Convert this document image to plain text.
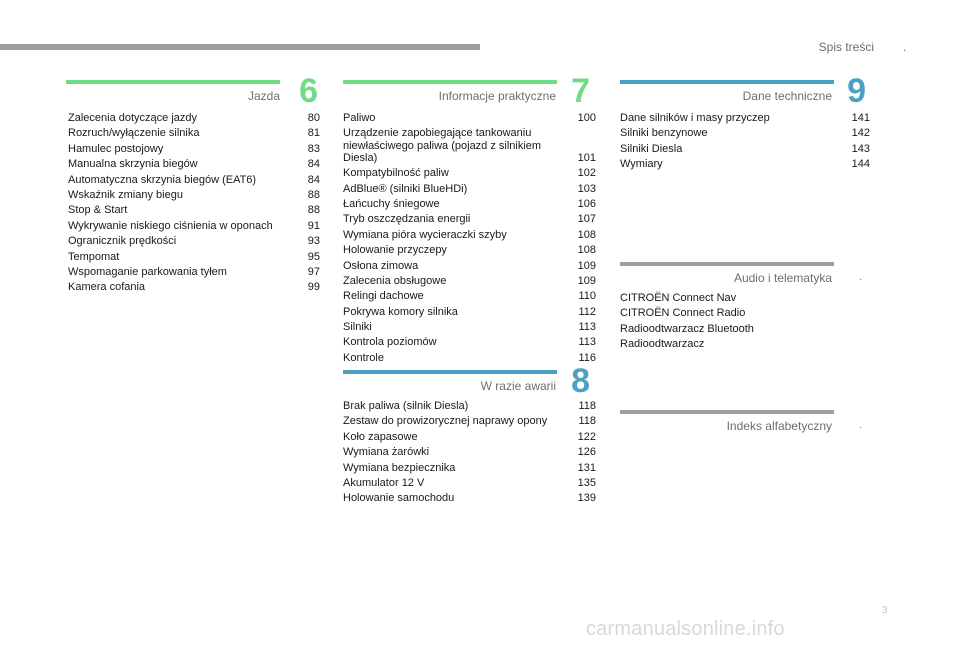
Spis treści .
Jazda 6
Zalecenia dotyczące jazdy	80
Rozruch/wyłączenie silnika	81
Hamulec postojowy	83
Manualna skrzynia biegów	84
Automatyczna skrzynia biegów (EAT6)	84
Wskaźnik zmiany biegu	88
Stop & Start	88
Wykrywanie niskiego ciśnienia w oponach	91
Ogranicznik prędkości	93
Tempomat	95
Wspomaganie parkowania tyłem	97
Kamera cofania	99
Informacje praktyczne 7
Paliwo	100
Urządzenie zapobiegające tankowaniu niewłaściwego paliwa (pojazd z silnikiem Diesla)	101
Kompatybilność paliw	102
AdBlue® (silniki BlueHDi)	103
Łańcuchy śniegowe	106
Tryb oszczędzania energii	107
Wymiana pióra wycieraczki szyby	108
Holowanie przyczepy	108
Osłona zimowa	109
Zalecenia obsługowe	109
Relingi dachowe	110
Pokrywa komory silnika	112
Silniki	113
Kontrola poziomów	113
Kontrole	116
W razie awarii 8
Brak paliwa (silnik Diesla)	118
Zestaw do prowizorycznej naprawy opony	118
Koło zapasowe	122
Wymiana żarówki	126
Wymiana bezpiecznika	131
Akumulator 12 V	135
Holowanie samochodu	139
Dane techniczne 9
Dane silników i masy przyczep	141
Silniki benzynowe	142
Silniki Diesla	143
Wymiary	144
Audio i telematyka	.
CITROËN Connect Nav
CITROËN Connect Radio
Radioodtwarzacz Bluetooth
Radioodtwarzacz
Indeks alfabetyczny	.
3
carmanualsonline.info
